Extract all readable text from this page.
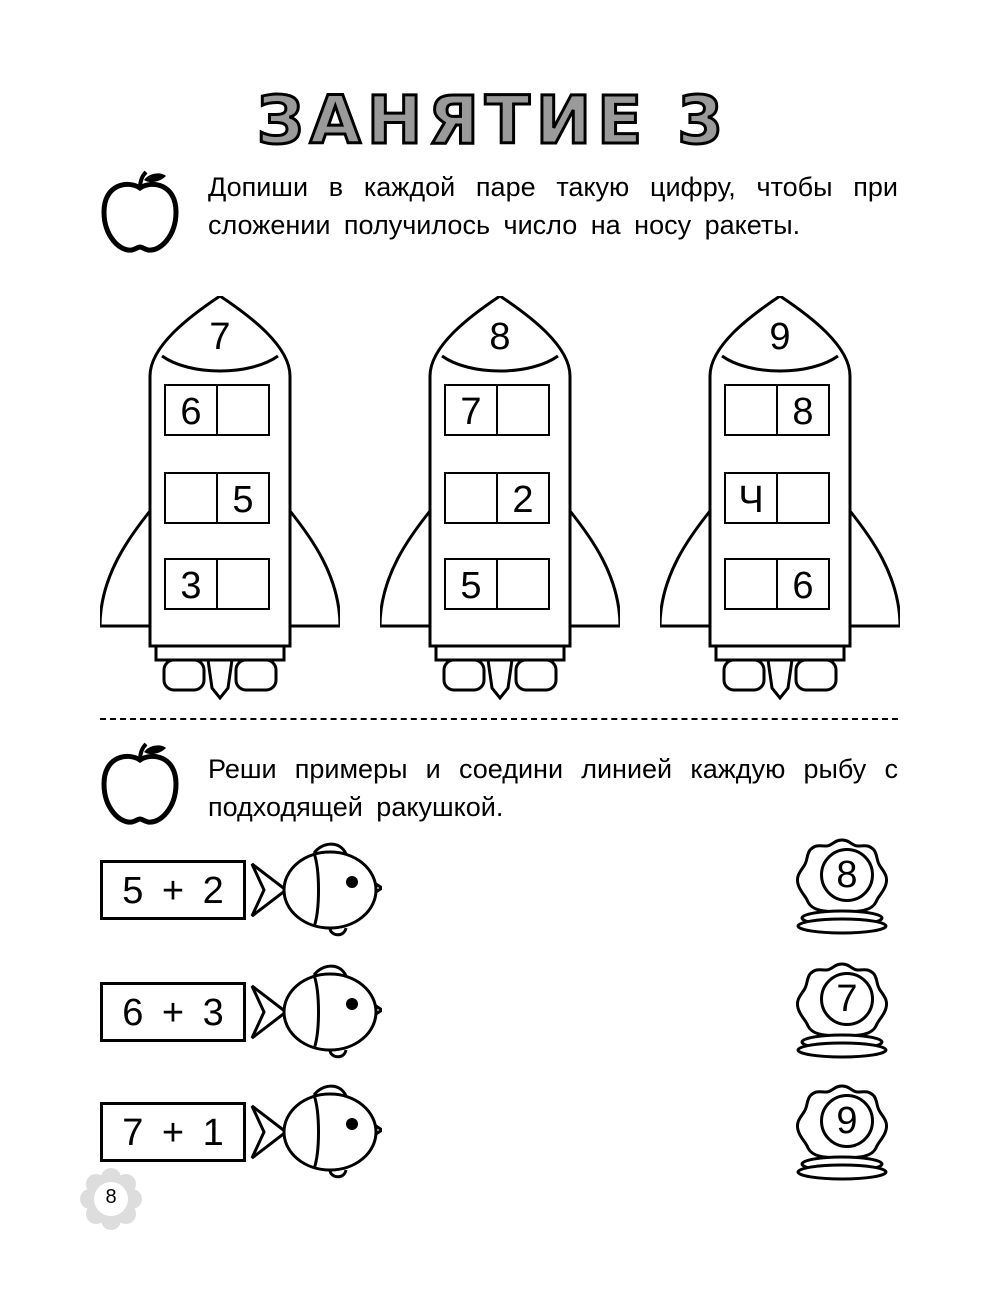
ЗАНЯТИЕ 3
Допиши в каждой паре такую цифру, чтобы при сложении получилось число на носу ракеты.
7
6
5
3
8
7
2
5
9
8
Ч
6
Реши примеры и соедини линией каждую рыбу с подходящей ракушкой.
5 + 2
6 + 3
7 + 1
8
7
9
8
